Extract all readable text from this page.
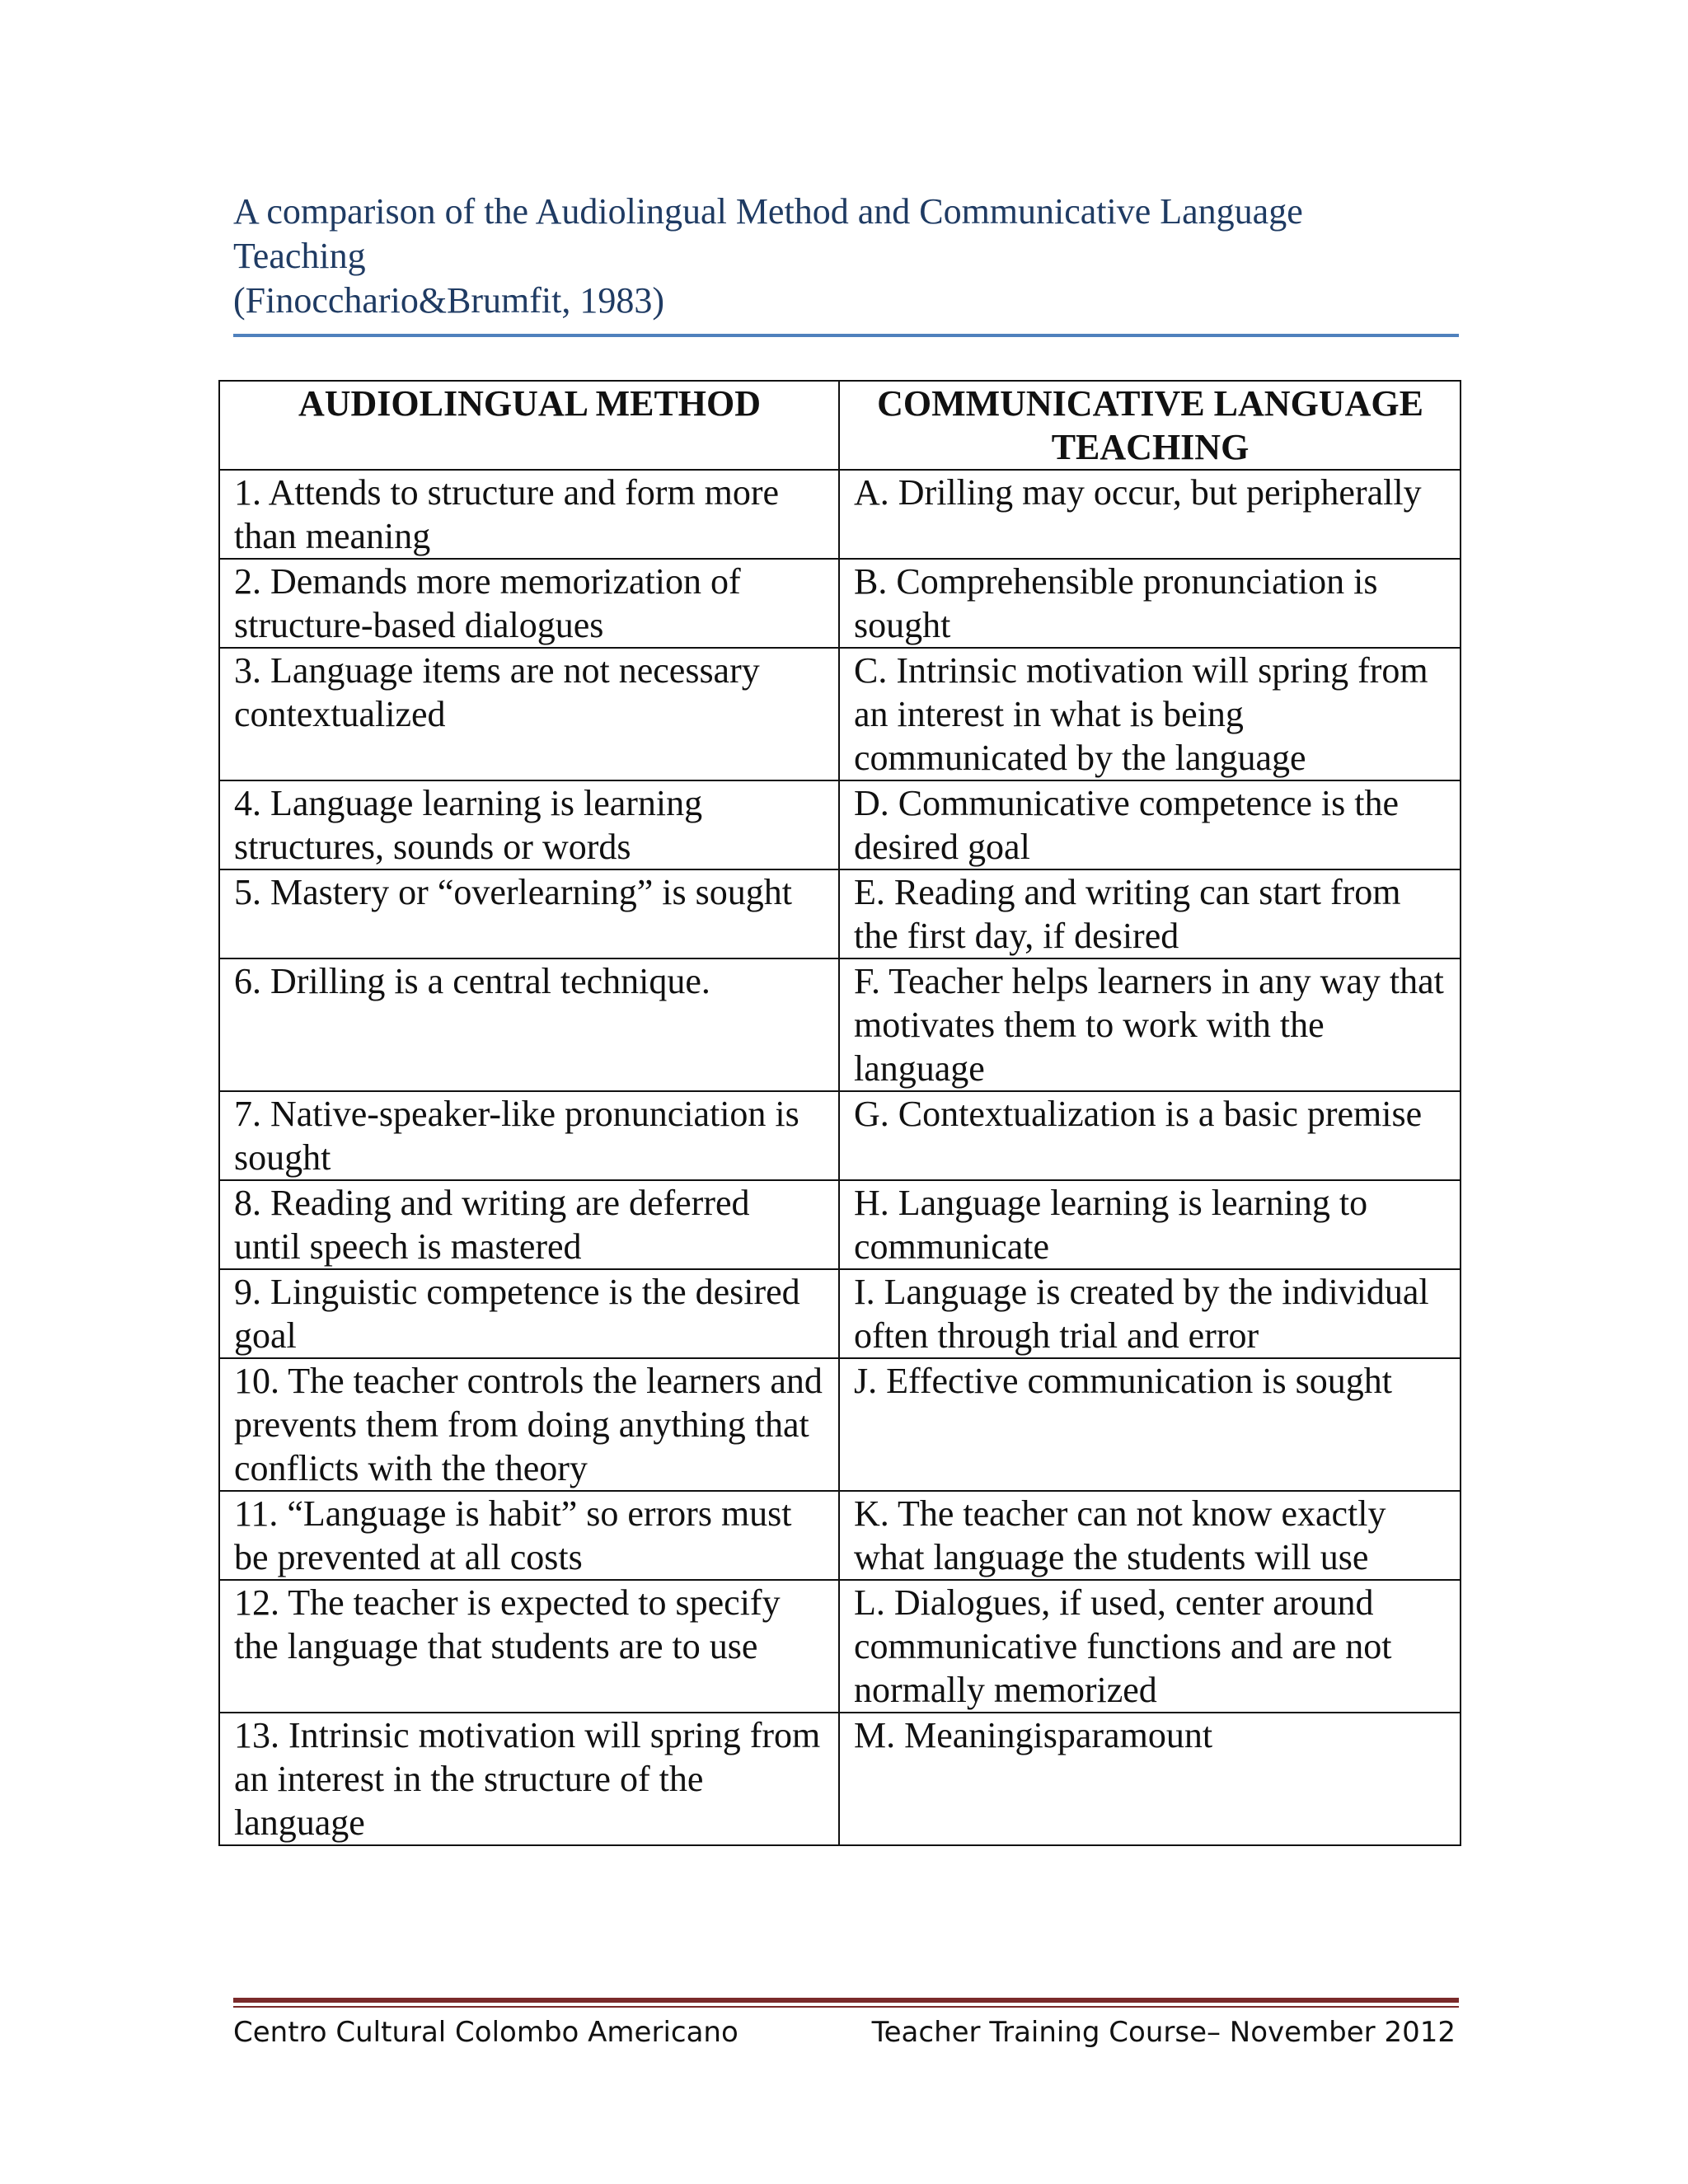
A comparison of the Audiolingual Method and Communicative Language
Teaching
(Finocchario&Brumfit, 1983)
AUDIOLINGUAL METHOD	COMMUNICATIVE LANGUAGE TEACHING
1. Attends to structure and form more than meaning	A. Drilling may occur, but peripherally
2. Demands more memorization of structure-based dialogues	B. Comprehensible pronunciation is sought
3. Language items are not necessary contextualized	C. Intrinsic motivation will spring from an interest in what is being communicated by the language
4. Language learning is learning structures, sounds or words	D. Communicative competence is the desired goal
5. Mastery or “overlearning” is sought	E. Reading and writing can start from the first day, if desired
6. Drilling is a central technique.	F. Teacher helps learners in any way that motivates them to work with the language
7. Native-speaker-like pronunciation is sought	G. Contextualization is a basic premise
8. Reading and writing are deferred until speech is mastered	H. Language learning is learning to communicate
9. Linguistic competence is the desired goal	I. Language is created by the individual often through trial and error
10. The teacher controls the learners and prevents them from doing anything that conflicts with the theory	J. Effective communication is sought
11. “Language is habit” so errors must be prevented at all costs	K. The teacher can not know exactly what language the students will use
12. The teacher is expected to specify the language that students are to use	L. Dialogues, if used, center around communicative functions and are not normally memorized
13. Intrinsic motivation will spring from an interest in the structure of the language	M. Meaningisparamount
Centro Cultural Colombo Americano	Teacher Training Course– November 2012
